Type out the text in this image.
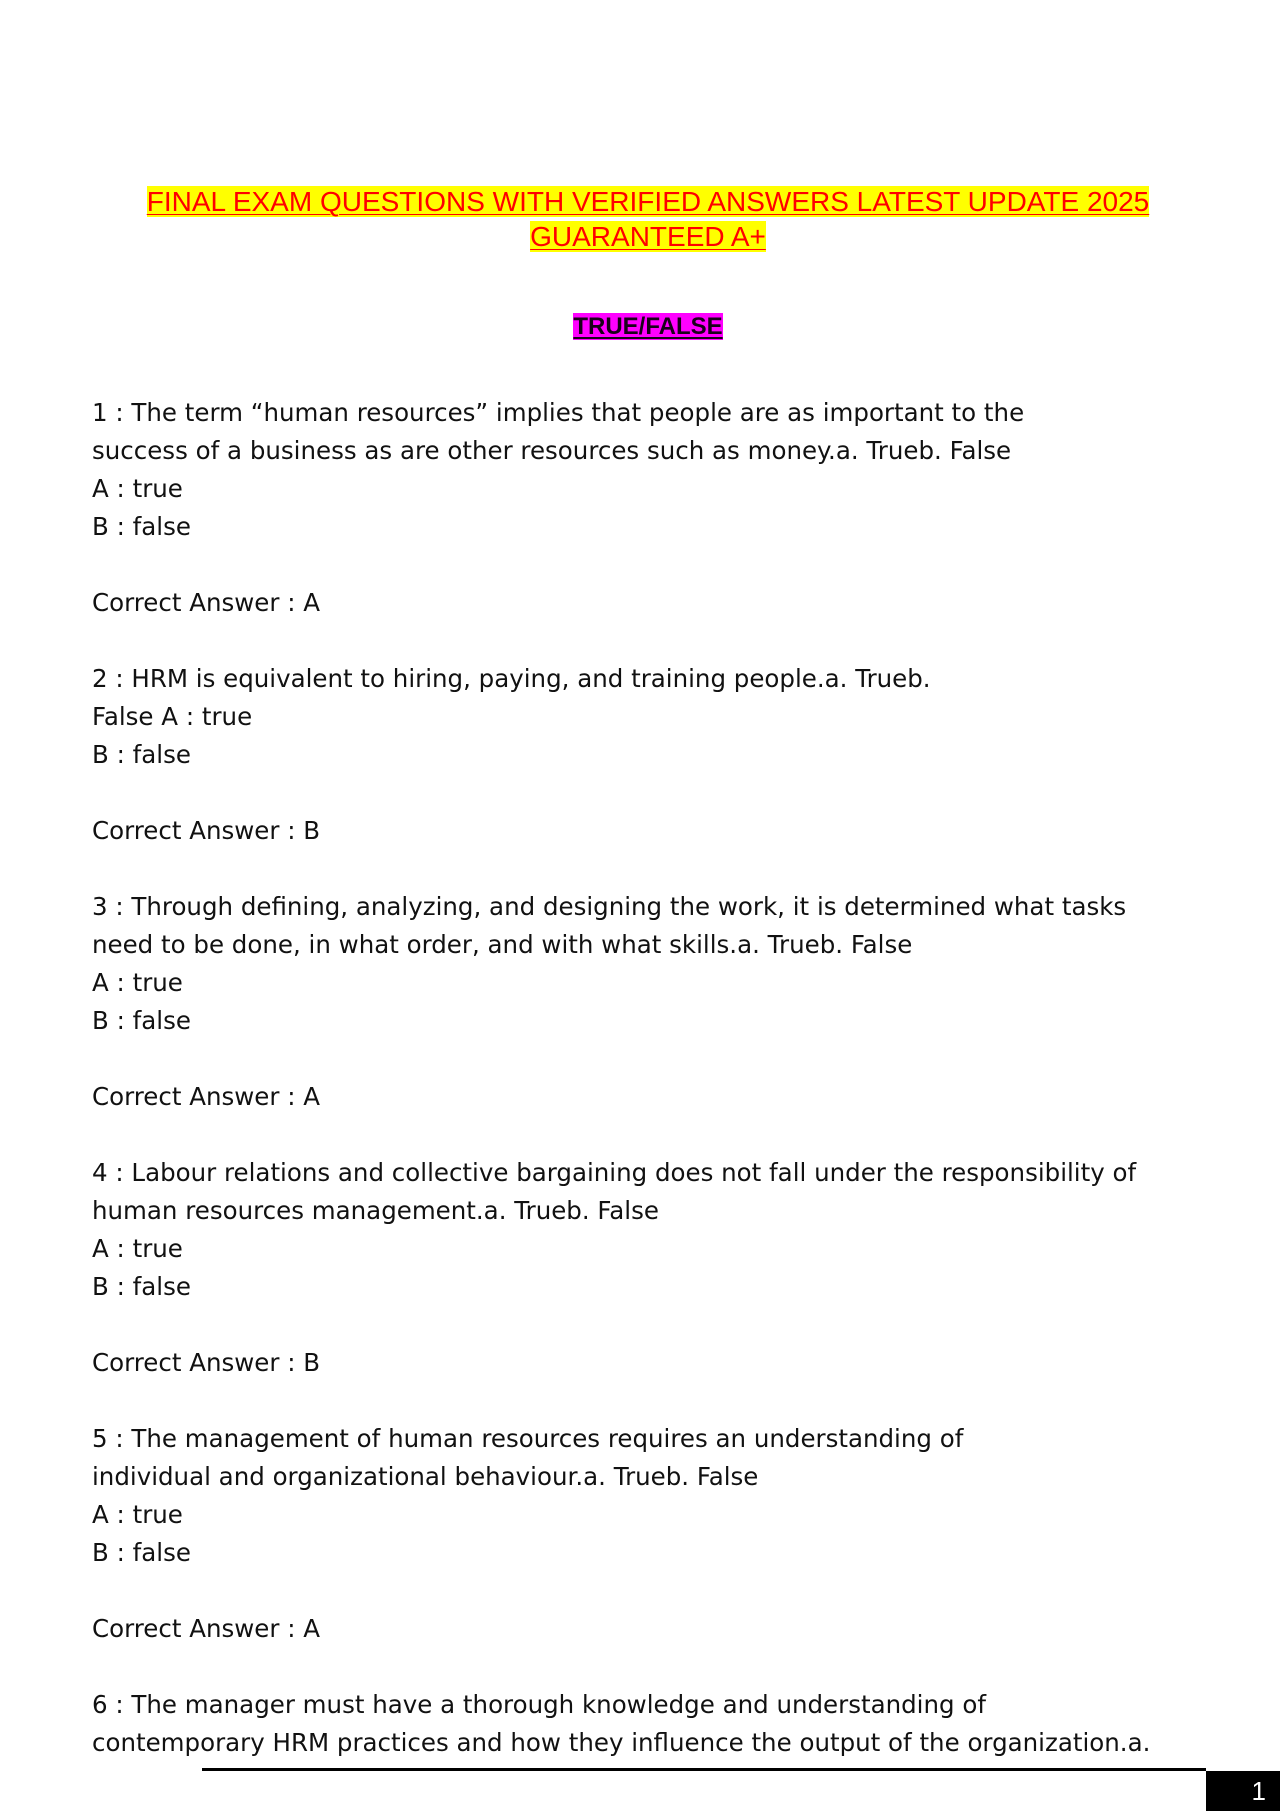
FINAL EXAM QUESTIONS WITH VERIFIED ANSWERS LATEST UPDATE 2025
GUARANTEED A+
TRUE/FALSE

1 : The term “human resources” implies that people are as important to the

success of a business as are other resources such as money.a. Trueb. False

A : true

B : false

Correct Answer : A

2 : HRM is equivalent to hiring, paying, and training people.a. Trueb.

False A : true

B : false

Correct Answer : B

3 : Through defining, analyzing, and designing the work, it is determined what tasks

need to be done, in what order, and with what skills.a. Trueb. False

A : true

B : false

Correct Answer : A

4 : Labour relations and collective bargaining does not fall under the responsibility of

human resources management.a. Trueb. False

A : true

B : false

Correct Answer : B

5 : The management of human resources requires an understanding of

individual and organizational behaviour.a. Trueb. False

A : true

B : false

Correct Answer : A

6 : The manager must have a thorough knowledge and understanding of

contemporary HRM practices and how they influence the output of the organization.a.

1
